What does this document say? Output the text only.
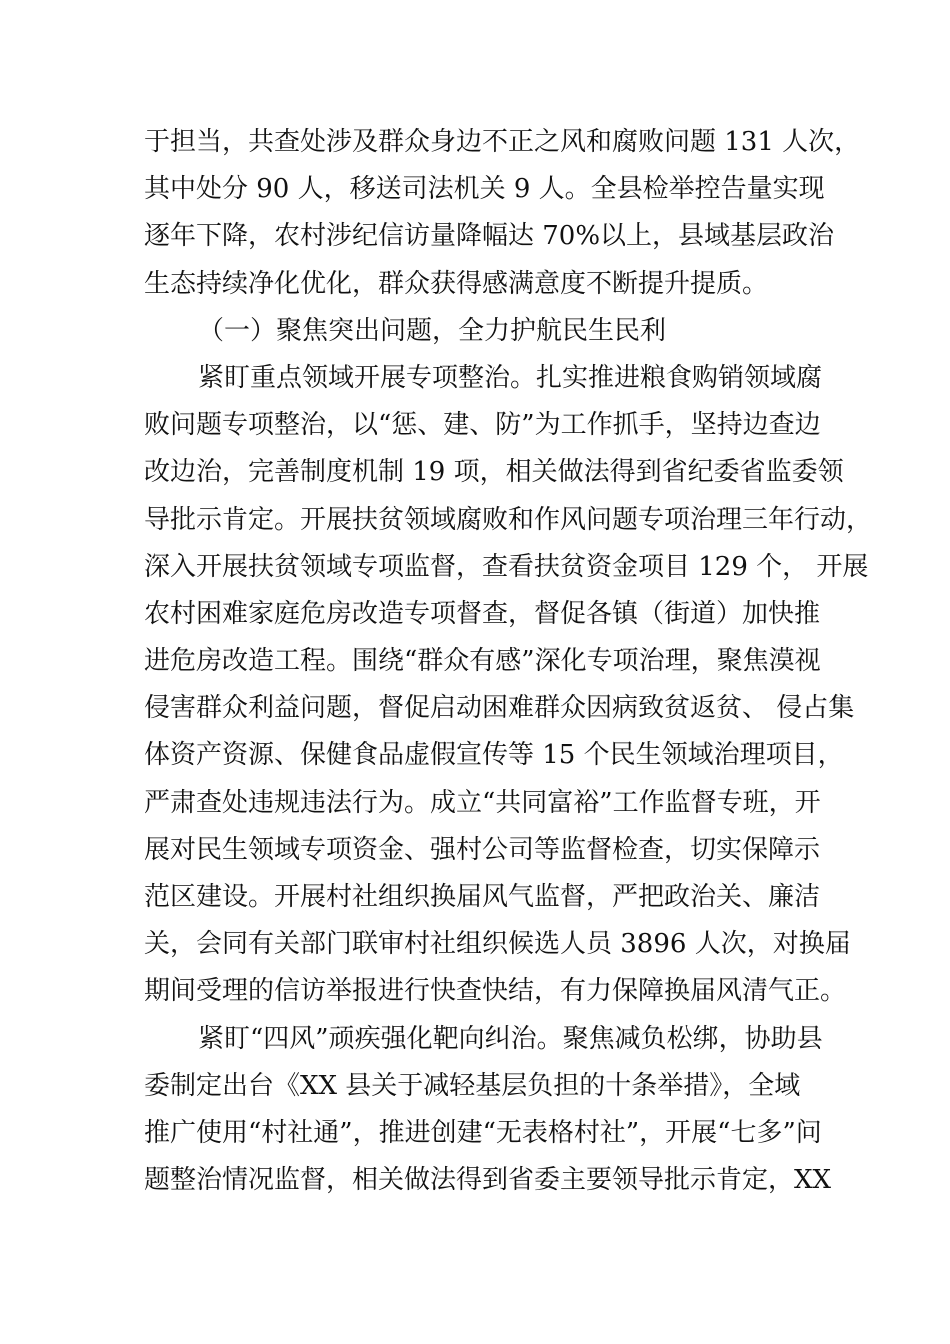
于担当，共查处涉及群众身边不正之风和腐败问题 131 人次，
其中处分 90 人，移送司法机关 9 人。全县检举控告量实现
逐年下降，农村涉纪信访量降幅达 70%以上，县域基层政治
生态持续净化优化，群众获得感满意度不断提升提质。
（一）聚焦突出问题，全力护航民生民利
紧盯重点领域开展专项整治。扎实推进粮食购销领域腐
败问题专项整治，以“惩、建、防”为工作抓手，坚持边查边
改边治，完善制度机制 19 项，相关做法得到省纪委省监委领
导批示肯定。开展扶贫领域腐败和作风问题专项治理三年行动，
深入开展扶贫领域专项监督，查看扶贫资金项目 129 个， 开展
农村困难家庭危房改造专项督查，督促各镇（街道）加快推
进危房改造工程。围绕“群众有感”深化专项治理，聚焦漠视
侵害群众利益问题，督促启动困难群众因病致贫返贫、 侵占集
体资产资源、保健食品虚假宣传等 15 个民生领域治理项目，
严肃查处违规违法行为。成立“共同富裕”工作监督专班，开
展对民生领域专项资金、强村公司等监督检查，切实保障示
范区建设。开展村社组织换届风气监督，严把政治关、廉洁
关，会同有关部门联审村社组织候选人员 3896 人次，对换届
期间受理的信访举报进行快查快结，有力保障换届风清气正。
紧盯“四风”顽疾强化靶向纠治。聚焦减负松绑，协助县
委制定出台《XX 县关于减轻基层负担的十条举措》，全域
推广使用“村社通”，推进创建“无表格村社”，开展“七多”问
题整治情况监督，相关做法得到省委主要领导批示肯定，XX
